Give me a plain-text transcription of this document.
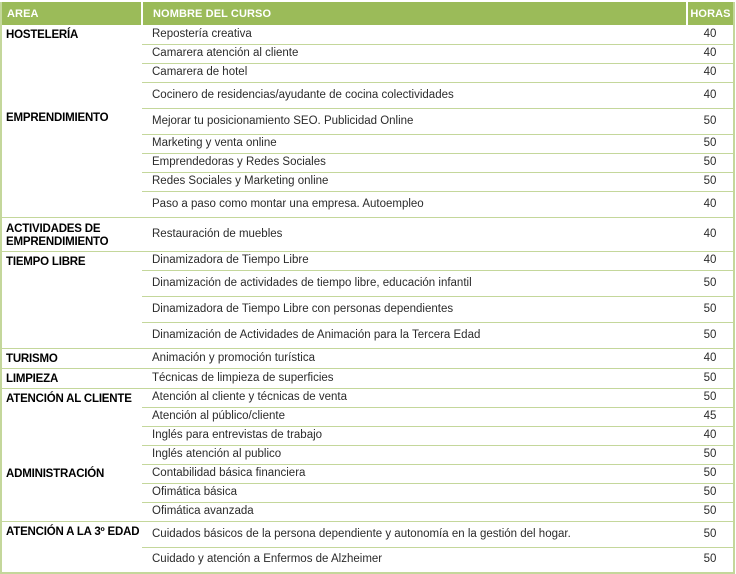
AREA	NOMBRE DEL CURSO	HORAS
HOSTELERÍA	Repostería creativa	40
	Camarera atención al cliente	40
	Camarera de hotel	40
	Cocinero de residencias/ayudante de cocina colectividades	40
EMPRENDIMIENTO	Mejorar tu posicionamiento SEO. Publicidad Online	50
	Marketing y venta online	50
	Emprendedoras y Redes Sociales	50
	Redes Sociales y Marketing online	50
	Paso a paso como montar una empresa. Autoempleo	40
ACTIVIDADES DE EMPRENDIMIENTO	Restauración de muebles	40
TIEMPO LIBRE	Dinamizadora de Tiempo Libre	40
	Dinamización de actividades de tiempo libre, educación infantil	50
	Dinamizadora de Tiempo Libre con personas dependientes	50
	Dinamización de Actividades de Animación para la Tercera Edad	50
TURISMO	Animación y promoción turística	40
LIMPIEZA	Técnicas de limpieza de superficies	50
ATENCIÓN AL CLIENTE	Atención al cliente y técnicas de venta	50
	Atención al público/cliente	45
	Inglés para entrevistas de trabajo	40
	Inglés atención al publico	50
ADMINISTRACIÓN	Contabilidad básica financiera	50
	Ofimática básica	50
	Ofimática avanzada	50
ATENCIÓN A LA 3º EDAD	Cuidados básicos de la persona dependiente y autonomía en la gestión del hogar.	50
	Cuidado y atención a Enfermos de Alzheimer	50
